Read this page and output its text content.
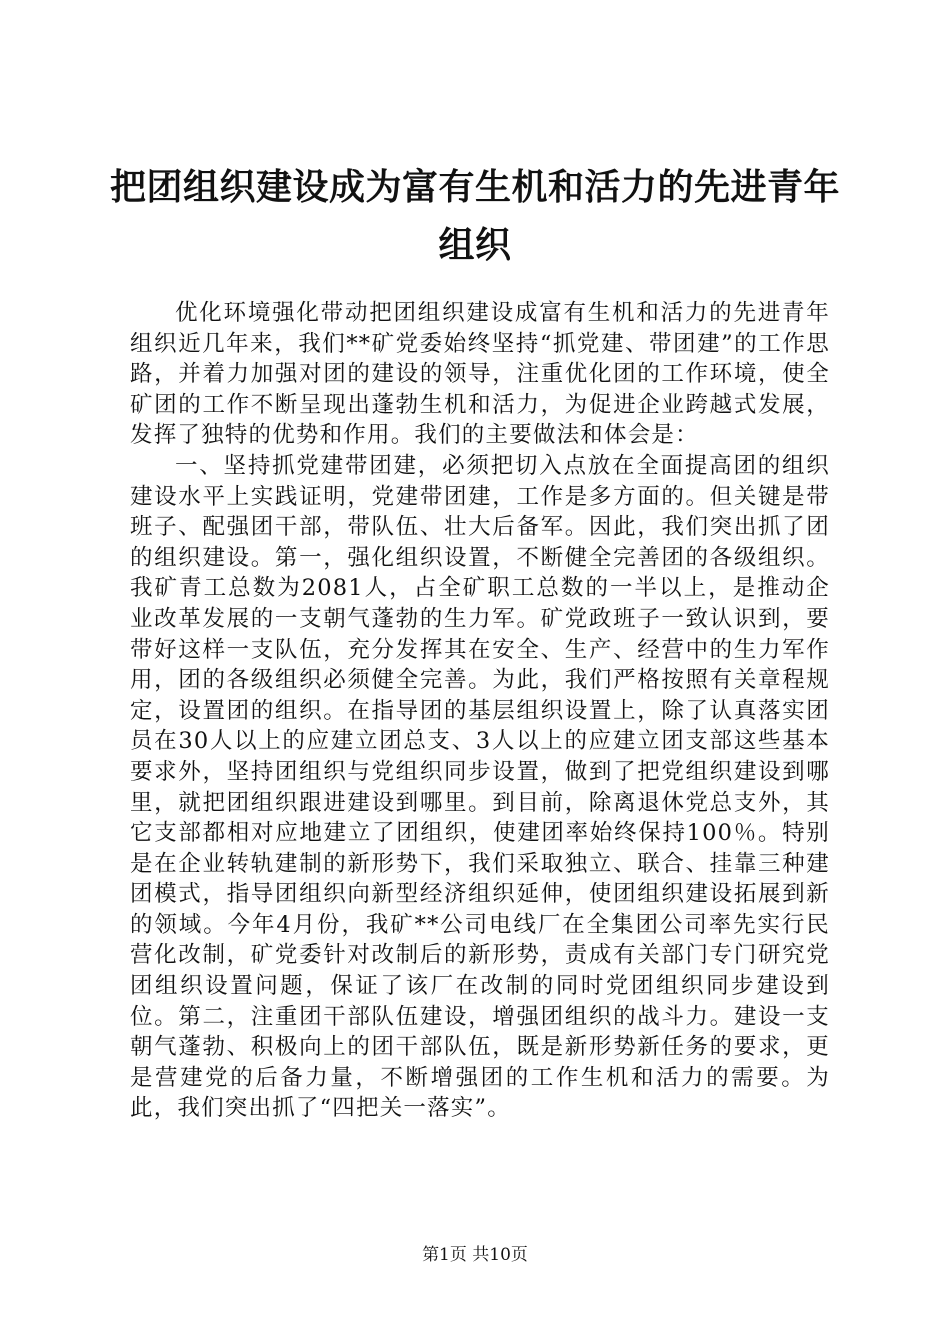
把团组织建设成为富有生机和活力的先进青年组织

优化环境强化带动把团组织建设成富有生机和活力的先进青年组织近几年来，我们**矿党委始终坚持“抓党建、带团建”的工作思路，并着力加强对团的建设的领导，注重优化团的工作环境，使全矿团的工作不断呈现出蓬勃生机和活力，为促进企业跨越式发展，发挥了独特的优势和作用。我们的主要做法和体会是：

一、坚持抓党建带团建，必须把切入点放在全面提高团的组织建设水平上实践证明，党建带团建，工作是多方面的。但关键是带班子、配强团干部，带队伍、壮大后备军。因此，我们突出抓了团的组织建设。第一，强化组织设置，不断健全完善团的各级组织。我矿青工总数为2081人，占全矿职工总数的一半以上，是推动企业改革发展的一支朝气蓬勃的生力军。矿党政班子一致认识到，要带好这样一支队伍，充分发挥其在安全、生产、经营中的生力军作用，团的各级组织必须健全完善。为此，我们严格按照有关章程规定，设置团的组织。在指导团的基层组织设置上，除了认真落实团员在30人以上的应建立团总支、3人以上的应建立团支部这些基本要求外，坚持团组织与党组织同步设置，做到了把党组织建设到哪里，就把团组织跟进建设到哪里。到目前，除离退休党总支外，其它支部都相对应地建立了团组织，使建团率始终保持100％。特别是在企业转轨建制的新形势下，我们采取独立、联合、挂靠三种建团模式，指导团组织向新型经济组织延伸，使团组织建设拓展到新的领域。今年4月份，我矿**公司电线厂在全集团公司率先实行民营化改制，矿党委针对改制后的新形势，责成有关部门专门研究党团组织设置问题，保证了该厂在改制的同时党团组织同步建设到位。第二，注重团干部队伍建设，增强团组织的战斗力。建设一支朝气蓬勃、积极向上的团干部队伍，既是新形势新任务的要求，更是营建党的后备力量，不断增强团的工作生机和活力的需要。为此，我们突出抓了“四把关一落实”。

第1页 共10页
